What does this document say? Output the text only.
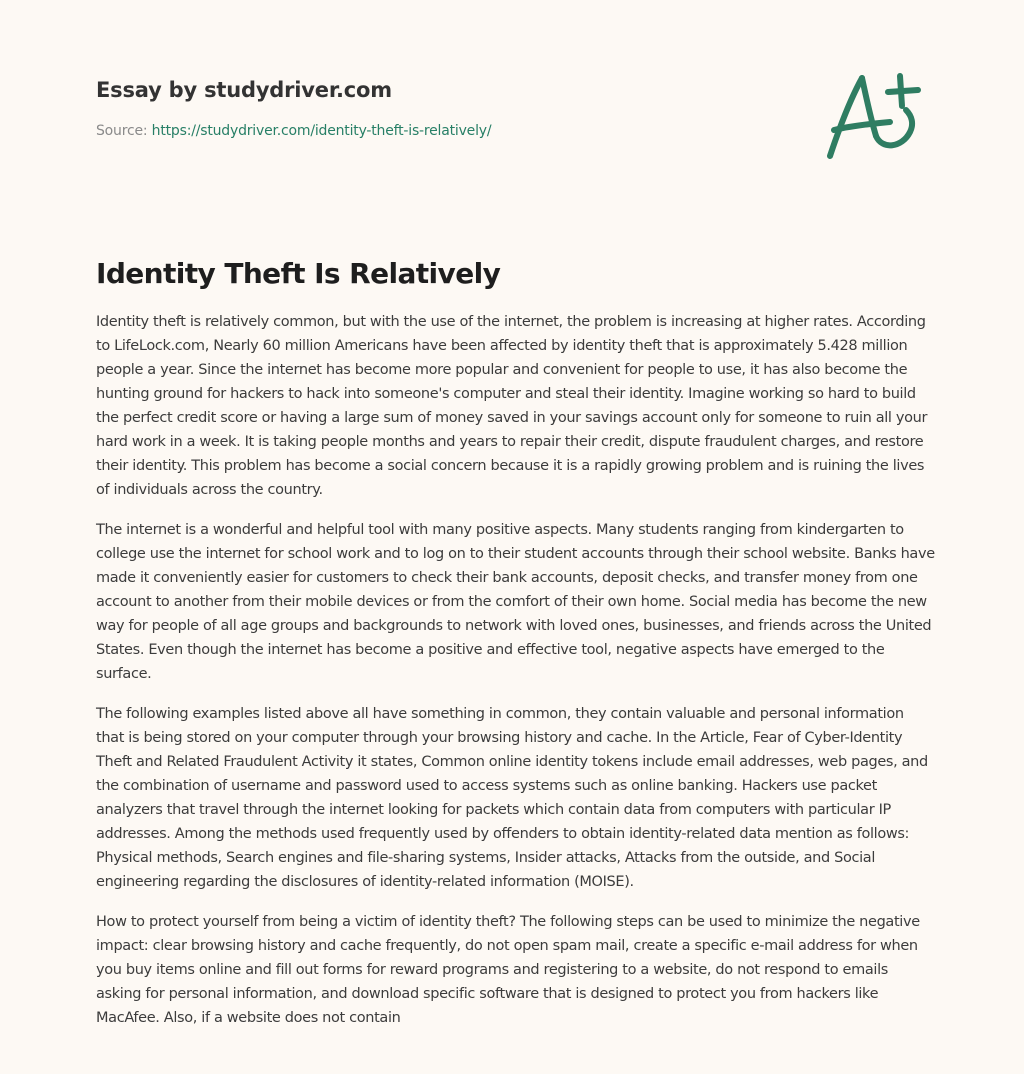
Essay by studydriver.com
Source: https://studydriver.com/identity-theft-is-relatively/
Identity Theft Is Relatively

Identity theft is relatively common, but with the use of the internet, the problem is increasing at higher rates. According to LifeLock.com, Nearly 60 million Americans have been affected by identity theft that is approximately 5.428 million people a year. Since the internet has become more popular and convenient for people to use, it has also become the hunting ground for hackers to hack into someone's computer and steal their identity. Imagine working so hard to build the perfect credit score or having a large sum of money saved in your savings account only for someone to ruin all your hard work in a week. It is taking people months and years to repair their credit, dispute fraudulent charges, and restore their identity. This problem has become a social concern because it is a rapidly growing problem and is ruining the lives of individuals across the country.

The internet is a wonderful and helpful tool with many positive aspects. Many students ranging from kindergarten to college use the internet for school work and to log on to their student accounts through their school website. Banks have made it conveniently easier for customers to check their bank accounts, deposit checks, and transfer money from one account to another from their mobile devices or from the comfort of their own home. Social media has become the new way for people of all age groups and backgrounds to network with loved ones, businesses, and friends across the United States. Even though the internet has become a positive and effective tool, negative aspects have emerged to the surface.

The following examples listed above all have something in common, they contain valuable and personal information that is being stored on your computer through your browsing history and cache. In the Article, Fear of Cyber-Identity Theft and Related Fraudulent Activity it states, Common online identity tokens include email addresses, web pages, and the combination of username and password used to access systems such as online banking. Hackers use packet analyzers that travel through the internet looking for packets which contain data from computers with particular IP addresses. Among the methods used frequently used by offenders to obtain identity-related data mention as follows: Physical methods, Search engines and file-sharing systems, Insider attacks, Attacks from the outside, and Social engineering regarding the disclosures of identity-related information (MOISE).

How to protect yourself from being a victim of identity theft? The following steps can be used to minimize the negative impact: clear browsing history and cache frequently, do not open spam mail, create a specific e-mail address for when you buy items online and fill out forms for reward programs and registering to a website, do not respond to emails asking for personal information, and download specific software that is designed to protect you from hackers like MacAfee. Also, if a website does not contain
